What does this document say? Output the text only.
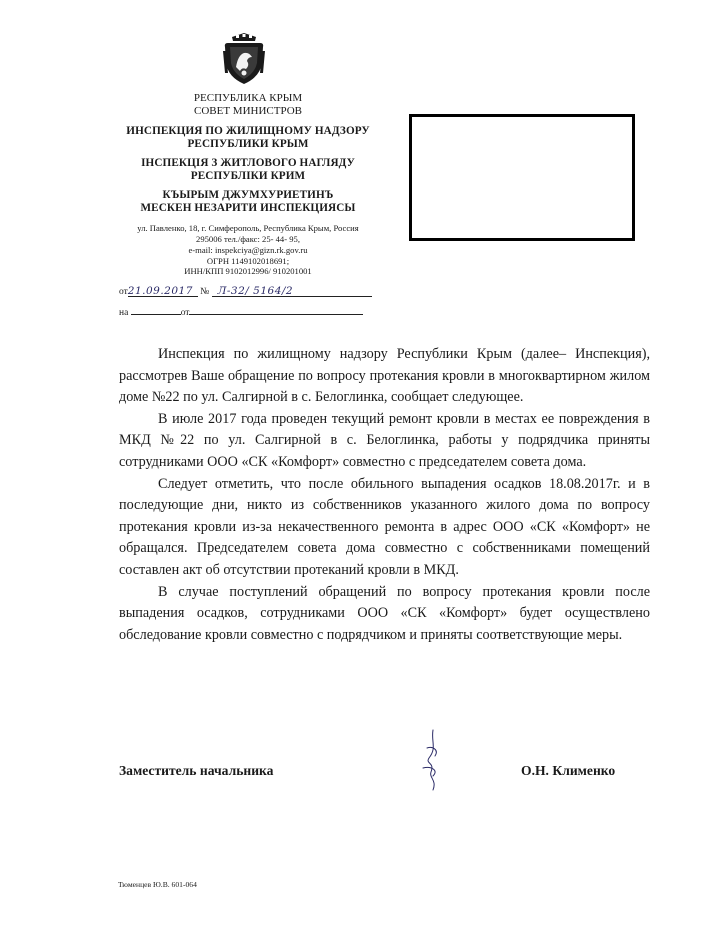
РЕСПУБЛИКА КРЫМ
СОВЕТ МИНИСТРОВ
ИНСПЕКЦИЯ ПО ЖИЛИЩНОМУ НАДЗОРУ
РЕСПУБЛИКИ КРЫМ
ІНСПЕКЦІЯ З ЖИТЛОВОГО НАГЛЯДУ
РЕСПУБЛІКИ КРИМ
КЪЫРЫМ ДЖУМХУРИЕТИНЪ
МЕСКЕН НЕЗАРИТИ ИНСПЕКЦИЯСЫ
ул. Павленко, 18, г. Симферополь, Республика Крым, Россия
295006 тел./факс: 25- 44- 95,
e-mail: inspekciya@gizn.rk.gov.ru
ОГРН 1149102018691;
ИНН/КПП 9102012996/ 910201001
от21.09.2017 № Л-32/ 5164/2
на	от

Инспекция по жилищному надзору Республики Крым (далее– Инспекция), рассмотрев Ваше обращение по вопросу протекания кровли в многоквартирном жилом доме №22 по ул. Салгирной в с. Белоглинка, сообщает следующее.

В июле 2017 года проведен текущий ремонт кровли в местах ее повреждения в МКД №22 по ул. Салгирной в с. Белоглинка, работы у подрядчика приняты сотрудниками ООО «СК «Комфорт» совместно с председателем совета дома.

Следует отметить, что после обильного выпадения осадков 18.08.2017г. и в последующие дни, никто из собственников указанного жилого дома по вопросу протекания кровли из-за некачественного ремонта в адрес ООО «СК «Комфорт» не обращался. Председателем совета дома совместно с собственниками помещений составлен акт об отсутствии протеканий кровли в МКД.

В случае поступлений обращений по вопросу протекания кровли после выпадения осадков, сотрудниками ООО «СК «Комфорт» будет осуществлено обследование кровли совместно с подрядчиком и приняты соответствующие меры.

Заместитель начальника	О.Н. Клименко
Тюменцев Ю.В. 601-064
